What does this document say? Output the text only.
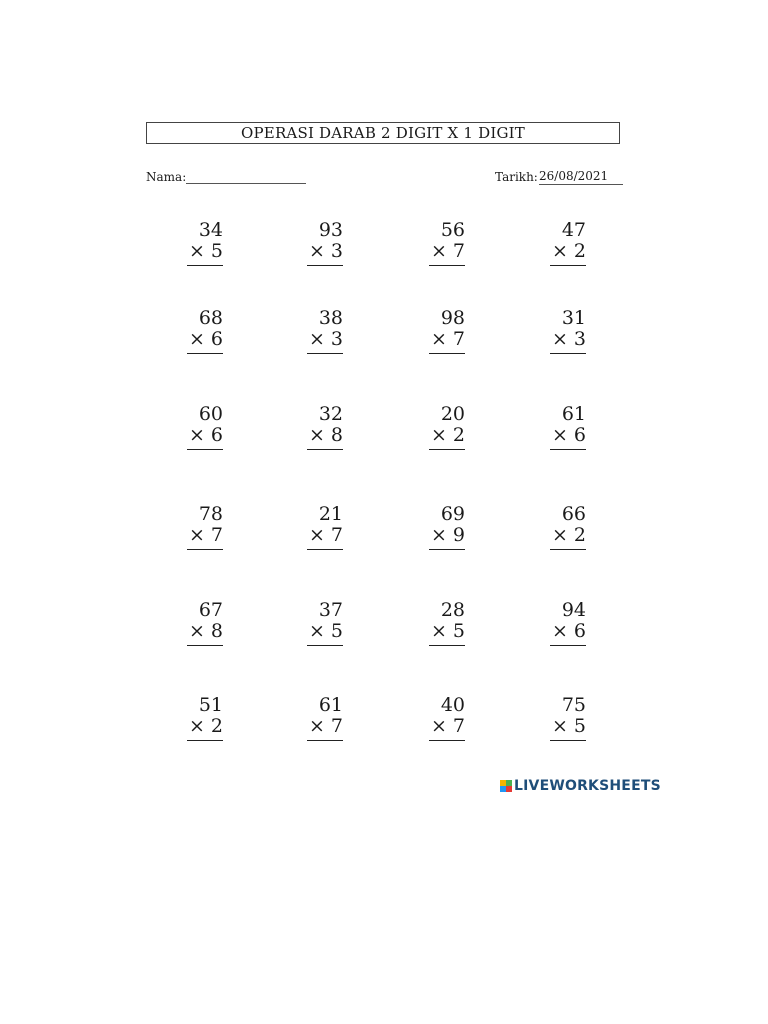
OPERASI DARAB 2 DIGIT X 1 DIGIT
Nama:	Tarikh: 26/08/2021
34
× 5
93
× 3
56
× 7
47
× 2
68
× 6
38
× 3
98
× 7
31
× 3
60
× 6
32
× 8
20
× 2
61
× 6
78
× 7
21
× 7
69
× 9
66
× 2
67
× 8
37
× 5
28
× 5
94
× 6
51
× 2
61
× 7
40
× 7
75
× 5
LIVEWORKSHEETS
